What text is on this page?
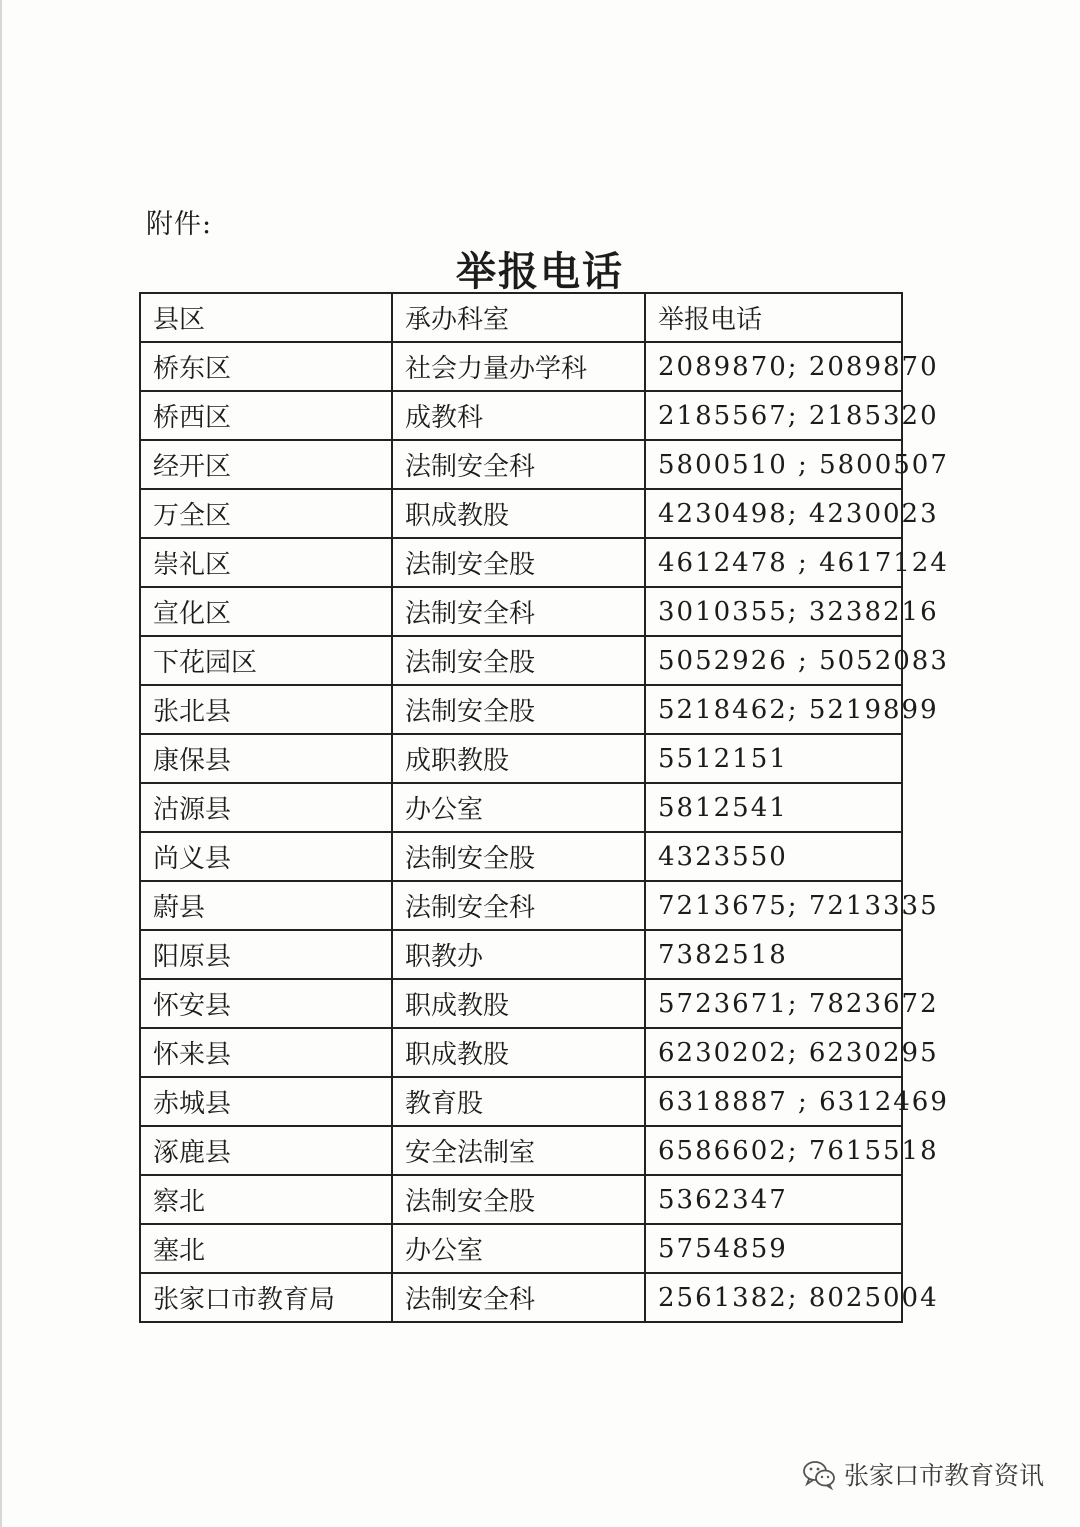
附件:
举报电话
县区	承办科室	举报电话
桥东区	社会力量办学科	2089870; 2089870
桥西区	成教科	2185567; 2185320
经开区	法制安全科	5800510 ; 5800507
万全区	职成教股	4230498; 4230023
崇礼区	法制安全股	4612478 ; 4617124
宣化区	法制安全科	3010355; 3238216
下花园区	法制安全股	5052926 ; 5052083
张北县	法制安全股	5218462; 5219899
康保县	成职教股	5512151
沽源县	办公室	5812541
尚义县	法制安全股	4323550
蔚县	法制安全科	7213675; 7213335
阳原县	职教办	7382518
怀安县	职成教股	5723671; 7823672
怀来县	职成教股	6230202; 6230295
赤城县	教育股	6318887 ; 6312469
涿鹿县	安全法制室	6586602; 7615518
察北	法制安全股	5362347
塞北	办公室	5754859
张家口市教育局	法制安全科	2561382; 8025004
张家口市教育资讯
